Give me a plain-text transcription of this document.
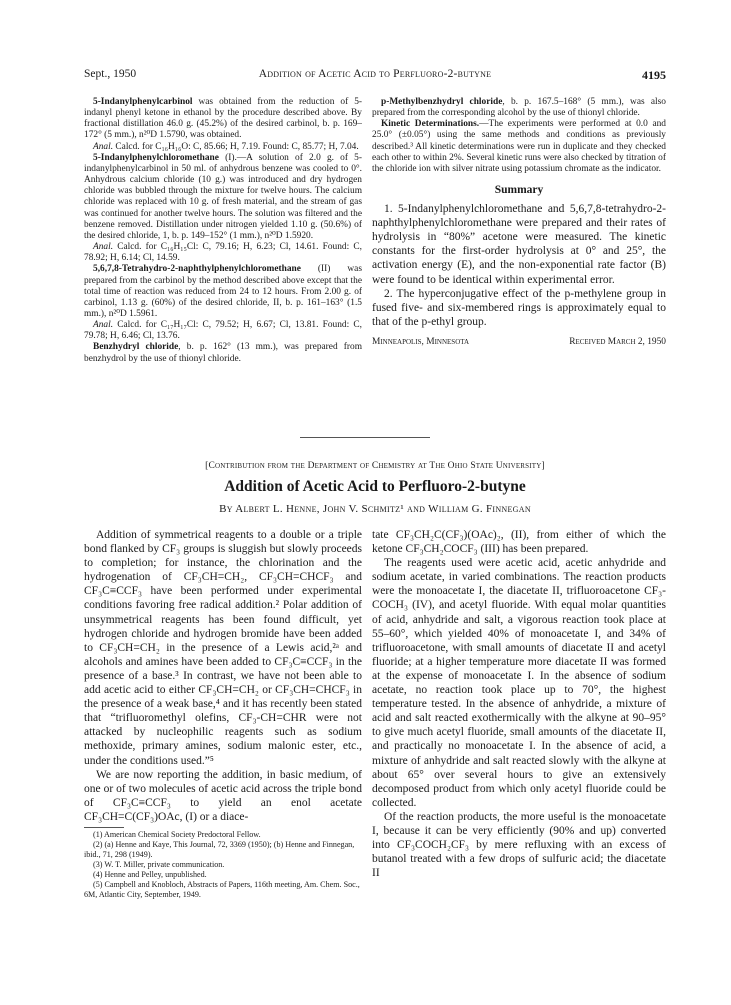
Sept., 1950	Addition of Acetic Acid to Perfluoro-2-butyne	4195

5-Indanylphenylcarbinol was obtained from the reduction of 5-indanyl phenyl ketone in ethanol by the procedure described above. By fractional distillation 46.0 g. (45.2%) of the desired carbinol, b. p. 169–172° (5 mm.), n²⁰D 1.5790, was obtained.

Anal. Calcd. for C₁₆H₁₆O: C, 85.66; H, 7.19. Found: C, 85.77; H, 7.04.

5-Indanylphenylchloromethane (I).—A solution of 2.0 g. of 5-indanylphenylcarbinol in 50 ml. of anhydrous benzene was cooled to 0°. Anhydrous calcium chloride (10 g.) was introduced and dry hydrogen chloride was bubbled through the mixture for twelve hours. The calcium chloride was replaced with 10 g. of fresh material, and the stream of gas was continued for another twelve hours. The solution was filtered and the benzene removed. Distillation under nitrogen yielded 1.10 g. (50.6%) of the desired chloride, 1, b. p. 149–152° (1 mm.), n²⁰D 1.5920.

Anal. Calcd. for C₁₆H₁₅Cl: C, 79.16; H, 6.23; Cl, 14.61. Found: C, 78.92; H, 6.14; Cl, 14.59.

5,6,7,8-Tetrahydro-2-naphthylphenylchloromethane (II) was prepared from the carbinol by the method described above except that the total time of reaction was reduced from 24 to 12 hours. From 2.00 g. of carbinol, 1.13 g. (60%) of the desired chloride, II, b. p. 161–163° (1.5 mm.), n²⁰D 1.5961.

Anal. Calcd. for C₁₇H₁₇Cl: C, 79.52; H, 6.67; Cl, 13.81. Found: C, 79.78; H, 6.46; Cl, 13.76.

Benzhydryl chloride, b. p. 162° (13 mm.), was prepared from benzhydrol by the use of thionyl chloride.

p-Methylbenzhydryl chloride, b. p. 167.5–168° (5 mm.), was also prepared from the corresponding alcohol by the use of thionyl chloride.

Kinetic Determinations.—The experiments were performed at 0.0 and 25.0° (±0.05°) using the same methods and conditions as previously described.³ All kinetic determinations were run in duplicate and they checked each other to within 2%. Several kinetic runs were also checked by titration of the chloride ion with silver nitrate using potassium chromate as the indicator.

Summary

1. 5-Indanylphenylchloromethane and 5,6,7,8-tetrahydro-2-naphthylphenylchloromethane were prepared and their rates of hydrolysis in “80%” acetone were measured. The kinetic constants for the first-order hydrolysis at 0° and 25°, the activation energy (E), and the non-exponential rate factor (B) were found to be identical within experimental error.

2. The hyperconjugative effect of the p-methylene group in fused five- and six-membered rings is approximately equal to that of the p-ethyl group.

Minneapolis, Minnesota	Received March 2, 1950
[Contribution from the Department of Chemistry at The Ohio State University]
Addition of Acetic Acid to Perfluoro-2-butyne
By Albert L. Henne, John V. Schmitz¹ and William G. Finnegan

Addition of symmetrical reagents to a double or a triple bond flanked by CF₃ groups is sluggish but slowly proceeds to completion; for instance, the chlorination and the hydrogenation of CF₃CH=CH₂, CF₃CH=CHCF₃ and CF₃C≡CCF₃ have been performed under experimental conditions favoring free radical addition.² Polar addition of unsymmetrical reagents has been found difficult, yet hydrogen chloride and hydrogen bromide have been added to CF₃CH=CH₂ in the presence of a Lewis acid,²ᵃ and alcohols and amines have been added to CF₃C≡CCF₃ in the presence of a base.³ In contrast, we have not been able to add acetic acid to either CF₃CH=CH₂ or CF₃CH=CHCF₃ in the presence of a weak base,⁴ and it has recently been stated that “trifluoromethyl olefins, CF₃-CH=CHR were not attacked by nucleophilic reagents such as sodium methoxide, primary amines, sodium malonic ester, etc., under the conditions used.”⁵

We are now reporting the addition, in basic medium, of one or of two molecules of acetic acid across the triple bond of CF₃C≡CCF₃ to yield an enol acetate CF₃CH=C(CF₃)OAc, (I) or a diace-

(1) American Chemical Society Predoctoral Fellow.

(2) (a) Henne and Kaye, This Journal, 72, 3369 (1950); (b) Henne and Finnegan, ibid., 71, 298 (1949).

(3) W. T. Miller, private communication.

(4) Henne and Pelley, unpublished.

(5) Campbell and Knobloch, Abstracts of Papers, 116th meeting, Am. Chem. Soc., 6M, Atlantic City, September, 1949.

tate CF₃CH₂C(CF₃)(OAc)₂, (II), from either of which the ketone CF₃CH₂COCF₃ (III) has been prepared.

The reagents used were acetic acid, acetic anhydride and sodium acetate, in varied combinations. The reaction products were the monoacetate I, the diacetate II, trifluoroacetone CF₃-COCH₃ (IV), and acetyl fluoride. With equal molar quantities of acid, anhydride and salt, a vigorous reaction took place at 55–60°, which yielded 40% of monoacetate I, and 34% of trifluoroacetone, with small amounts of diacetate II and acetyl fluoride; at a higher temperature more diacetate II was formed at the expense of monoacetate I. In the absence of sodium acetate, no reaction took place up to 70°, the highest temperature tested. In the absence of anhydride, a mixture of acid and salt reacted exothermically with the alkyne at 90–95° to give much acetyl fluoride, small amounts of the diacetate II, and practically no monoacetate I. In the absence of acid, a mixture of anhydride and salt reacted slowly with the alkyne at about 65° over several hours to give an extensively decomposed product from which only acetyl fluoride could be collected.

Of the reaction products, the more useful is the monoacetate I, because it can be very efficiently (90% and up) converted into CF₃COCH₂CF₃ by mere refluxing with an excess of butanol treated with a few drops of sulfuric acid; the diacetate II
